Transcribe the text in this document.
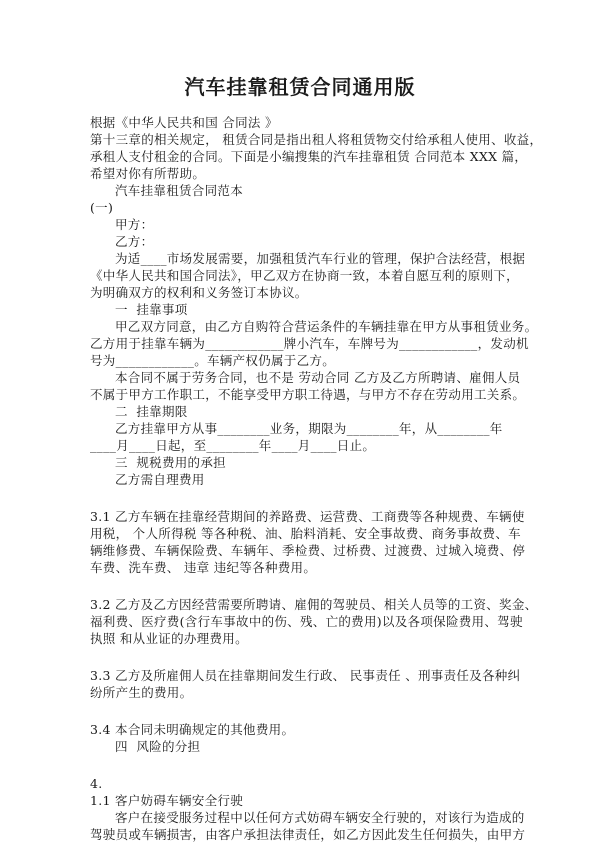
汽车挂靠租赁合同通用版
根据《中华人民共和国 合同法 》
第十三章的相关规定， 租赁合同是指出租人将租赁物交付给承租人使用、收益，
承租人支付租金的合同。下面是小编搜集的汽车挂靠租赁 合同范本 XXX 篇，
希望对你有所帮助。
汽车挂靠租赁合同范本
(一)
甲方：
乙方：
为适____市场发展需要，加强租赁汽车行业的管理，保护合法经营，根据
《中华人民共和国合同法》，甲乙双方在协商一致，本着自愿互利的原则下，
为明确双方的权利和义务签订本协议。
一  挂靠事项
甲乙双方同意，由乙方自购符合营运条件的车辆挂靠在甲方从事租赁业务。
乙方用于挂靠车辆为____________牌小汽车，车牌号为____________，发动机
号为____________。车辆产权仍属于乙方。
本合同不属于劳务合同，也不是 劳动合同 乙方及乙方所聘请、雇佣人员
不属于甲方工作职工，不能享受甲方职工待遇，与甲方不存在劳动用工关系。
二  挂靠期限
乙方挂靠甲方从事________业务，期限为________年，从________年
____月____日起，至________年____月____日止。
三  规税费用的承担
乙方需自理费用
3.1 乙方车辆在挂靠经营期间的养路费、运营费、工商费等各种规费、车辆使
用税， 个人所得税 等各种税、油、胎料消耗、安全事故费、商务事故费、车
辆维修费、车辆保险费、车辆年、季检费、过桥费、过渡费、过城入境费、停
车费、洗车费、 违章 违纪等各种费用。
3.2 乙方及乙方因经营需要所聘请、雇佣的驾驶员、相关人员等的工资、奖金、
福利费、医疗费(含行车事故中的伤、残、亡的费用)以及各项保险费用、驾驶
执照 和从业证的办理费用。
3.3 乙方及所雇佣人员在挂靠期间发生行政、 民事责任 、刑事责任及各种纠
纷所产生的费用。
3.4 本合同未明确规定的其他费用。
四  风险的分担
4.
1.1 客户妨碍车辆安全行驶
客户在接受服务过程中以任何方式妨碍车辆安全行驶的，对该行为造成的
驾驶员或车辆损害，由客户承担法律责任，如乙方因此发生任何损失，由甲方
